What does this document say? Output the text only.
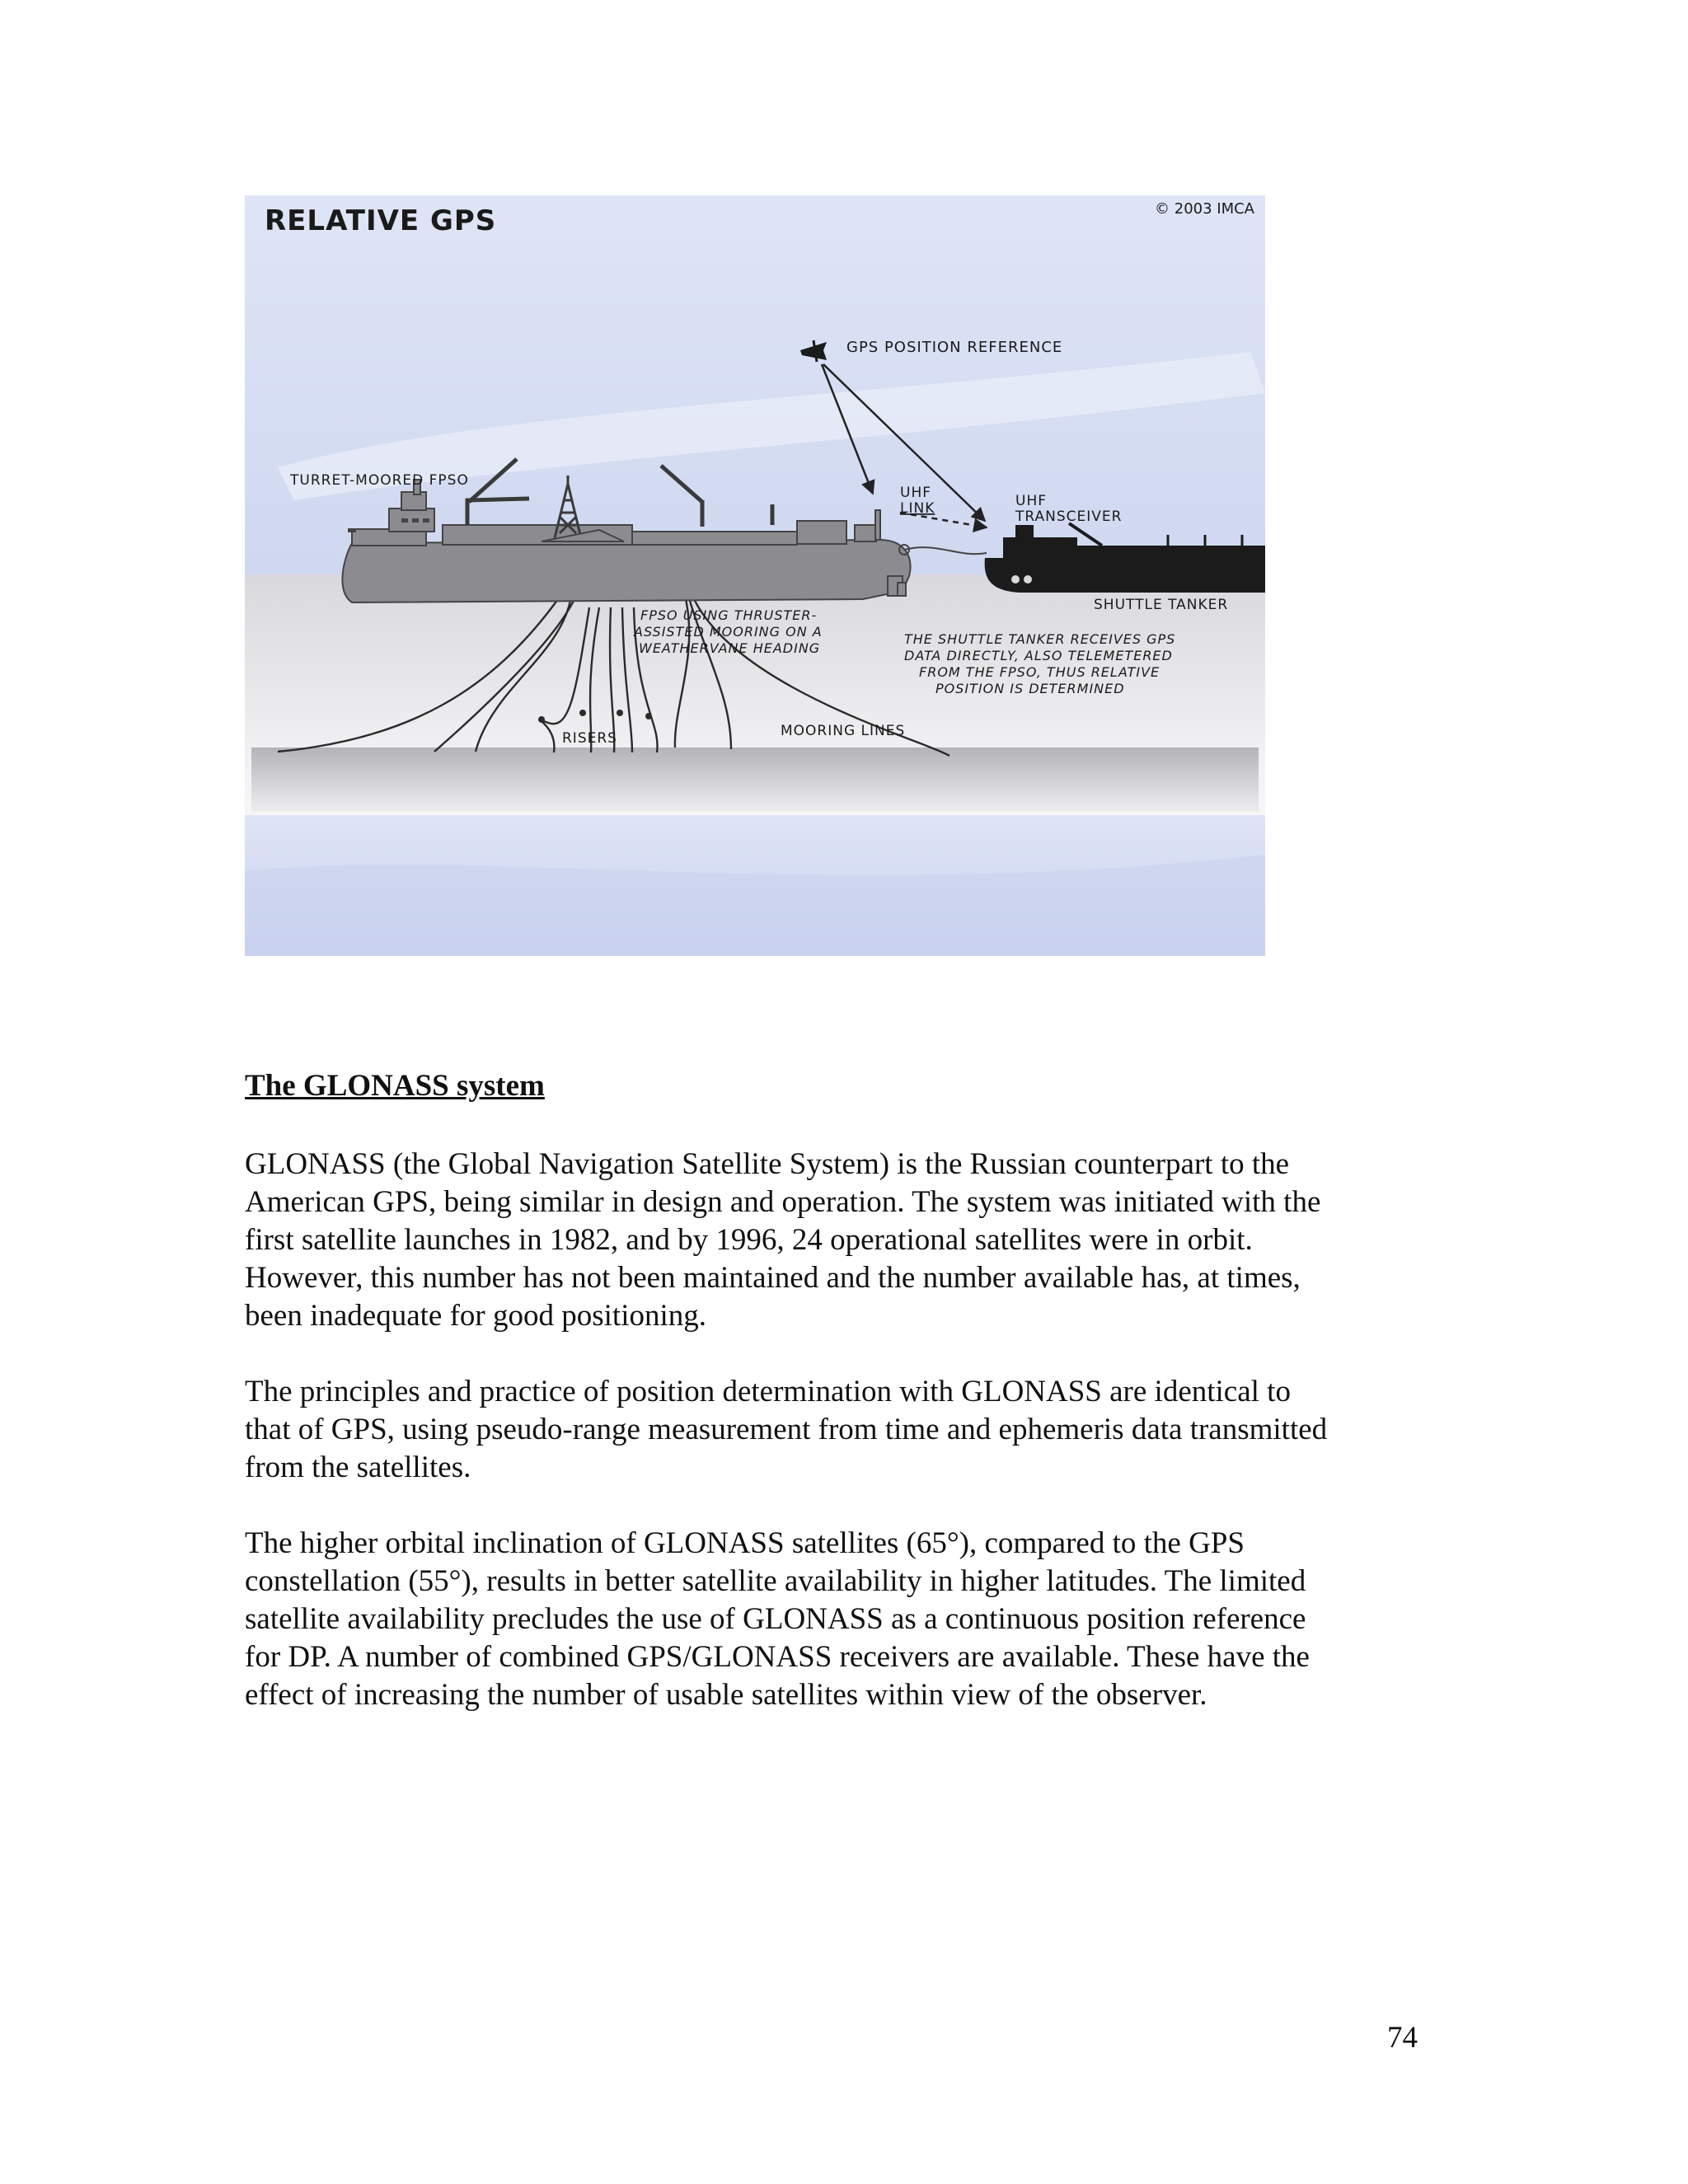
RELATIVE GPS	© 2003 IMCA
GPS POSITION REFERENCE
TURRET-MOORED FPSO
UHF
LINK	UHF
TRANSCEIVER
SHUTTLE TANKER
FPSO USING THRUSTER-
ASSISTED MOORING ON A
WEATHERVANE HEADING
THE SHUTTLE TANKER RECEIVES GPS
DATA DIRECTLY, ALSO TELEMETERED
FROM THE FPSO, THUS RELATIVE
POSITION IS DETERMINED
MOORING LINES
RISERS
The GLONASS system

GLONASS (the Global Navigation Satellite System) is the Russian counterpart to the
American GPS, being similar in design and operation. The system was initiated with the
first satellite launches in 1982, and by 1996, 24 operational satellites were in orbit.
However, this number has not been maintained and the number available has, at times,
been inadequate for good positioning.

The principles and practice of position determination with GLONASS are identical to
that of GPS, using pseudo-range measurement from time and ephemeris data transmitted
from the satellites.

The higher orbital inclination of GLONASS satellites (65°), compared to the GPS
constellation (55°), results in better satellite availability in higher latitudes. The limited
satellite availability precludes the use of GLONASS as a continuous position reference
for DP. A number of combined GPS/GLONASS receivers are available. These have the
effect of increasing the number of usable satellites within view of the observer.

74
